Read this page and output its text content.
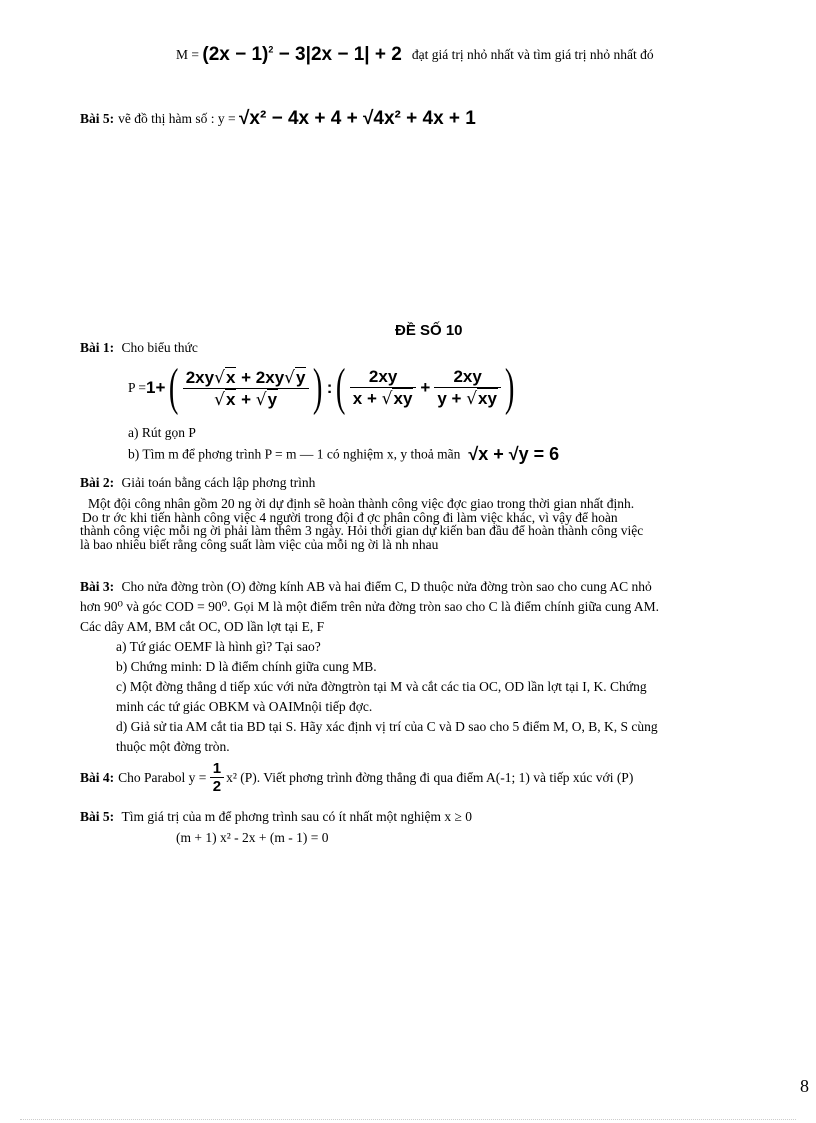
$M = (2x - 1)^2 - 3|2x - 1| + 2$ đạt giá trị nhỏ nhất và tìm giá trị nhỏ nhất đó
Bài 5: vẽ đồ thị hàm số : y = √x² − 4x + 4 + √4x² + 4x + 1
ĐỀ SỐ 10
Bài 1: Cho biểu thức
P = 1+ ( $\frac{2xy√x + 2xy√y}{√x + √y}$ ) : ( $\frac{2xy}{x + √xy} + \frac{2xy}{y + √xy}$ )
a) Rút gọn P
b) Tìm m để phơng trình P = m — 1 có nghiệm x, y thoả mãn √x + √y = 6
Bài 2: Giải toán bằng cách lập phơng trình
Một đội công nhân gồm 20 ng ời dự định sẽ hoàn thành công việc đợc giao trong thời gian nhất định.
Do tr ớc khi tiến hành công việc 4 người trong đội đ ợc phân công đi làm việc khác, vì vậy để hoàn
thành công việc mỗi ng ời phải làm thêm 3 ngày. Hỏi thời gian dự kiến ban đầu để hoàn thành công việc
là bao nhiêu biết rằng công suất làm việc của mỗi ng ời là nh nhau
Bài 3: Cho nửa đờng tròn (O) đờng kính AB và hai điểm C, D thuộc nửa đờng tròn sao cho cung AC nhỏ
hơn 90⁰ và góc COD = 90⁰. Gọi M là một điểm trên nửa đờng tròn sao cho C là điểm chính giữa cung AM.
Các dây AM, BM cắt OC, OD lần lợt tại E, F
a) Tứ giác OEMF là hình gì? Tại sao?
b) Chứng minh: D là điểm chính giữa cung MB.
c) Một đờng thẳng d tiếp xúc với nửa đờngtròn tại M và cắt các tia OC, OD lần lợt tại I, K. Chứng
minh các tứ giác OBKM và OAIMnội tiếp đợc.
d) Giả sử tia AM cắt tia BD tại S. Hãy xác định vị trí của C và D sao cho 5 điểm M, O, B, K, S cùng
thuộc một đờng tròn.
Bài 4: Cho Parabol $y = \frac{1}{2} x^2$ (P). Viết phơng trình đờng thẳng đi qua điểm A(-1; 1) và tiếp xúc với (P)
Bài 5: Tìm giá trị của m để phơng trình sau có ít nhất một nghiệm x ≥ 0
(m + 1) x² - 2x + (m - 1) = 0
8
